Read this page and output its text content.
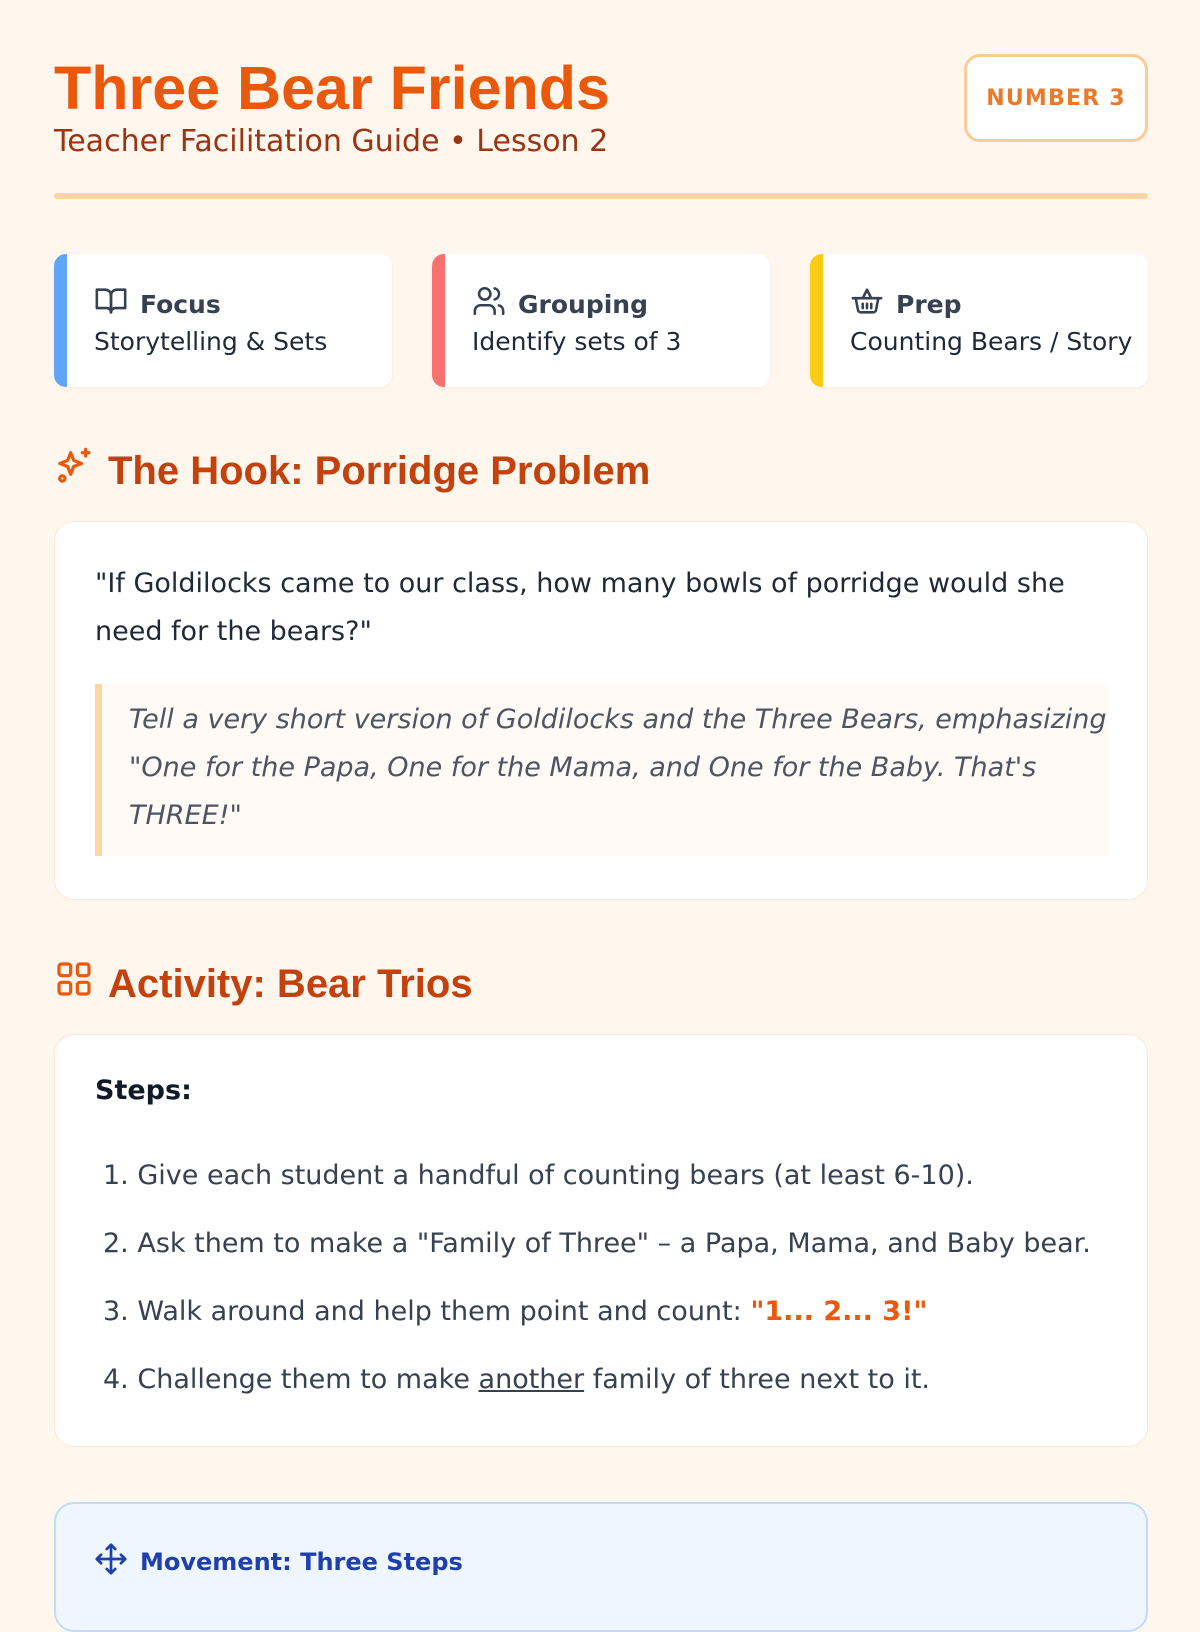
Three Bear Friends
Teacher Facilitation Guide • Lesson 2
NUMBER 3
Focus
Storytelling & Sets
Grouping
Identify sets of 3
Prep
Counting Bears / Story
The Hook: Porridge Problem
"If Goldilocks came to our class, how many bowls of porridge would she need for the bears?"

Tell a very short version of Goldilocks and the Three Bears, emphasizing "One for the Papa, One for the Mama, and One for the Baby. That's THREE!"

Activity: Bear Trios
Steps:
1. Give each student a handful of counting bears (at least 6-10).
2. Ask them to make a "Family of Three" – a Papa, Mama, and Baby bear.
3. Walk around and help them point and count: "1... 2... 3!"
4. Challenge them to make another family of three next to it.
Movement: Three Steps
